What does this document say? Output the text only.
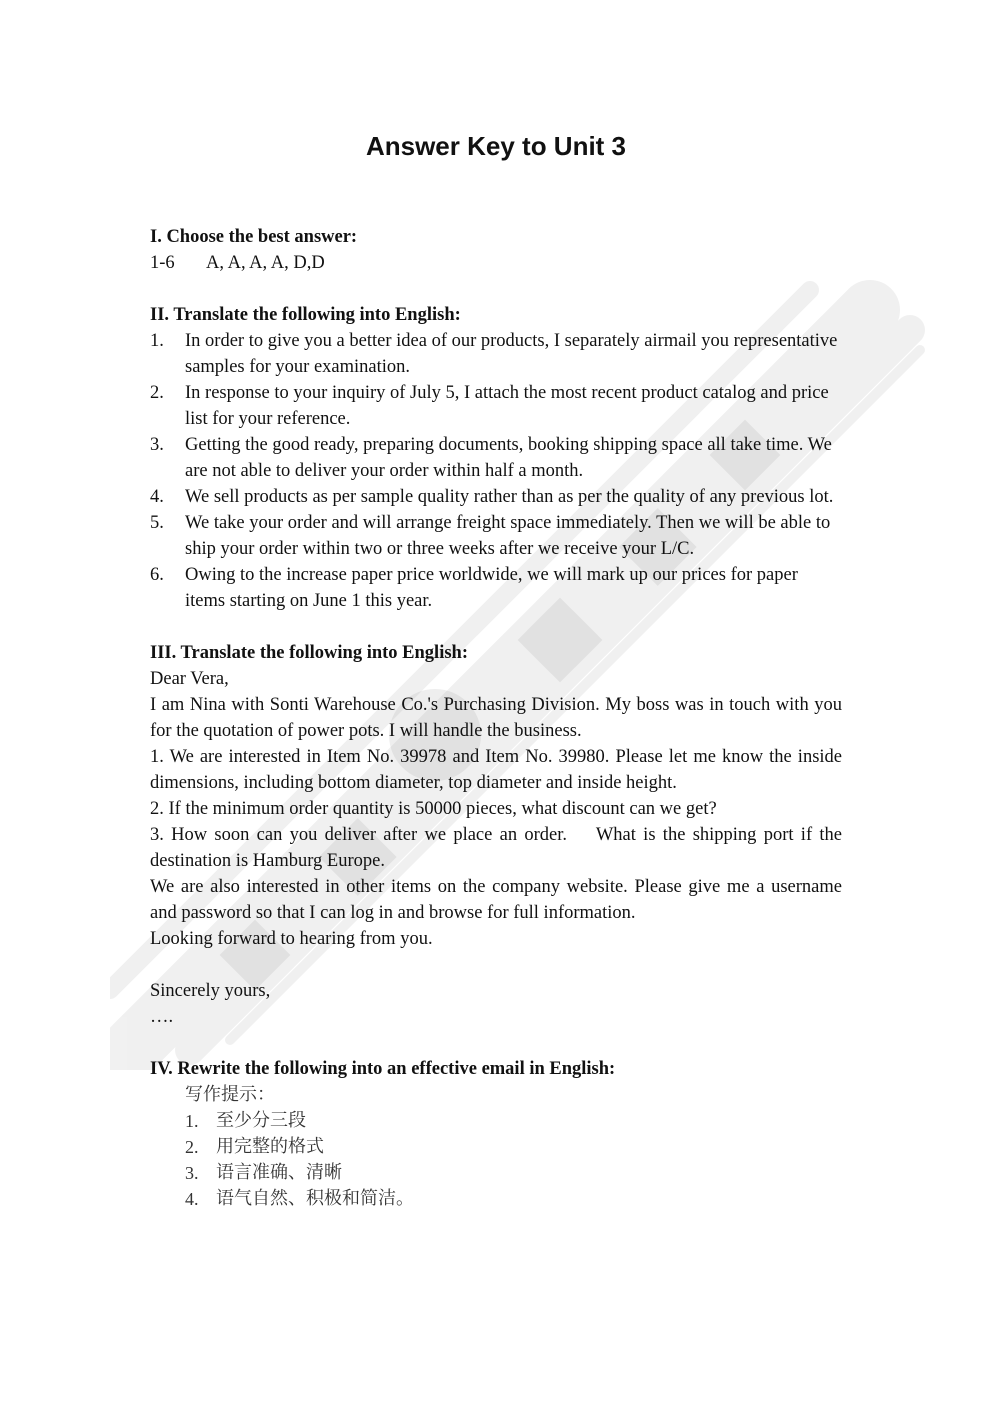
Answer Key to Unit 3

I. Choose the best answer:

1-6	A, A, A, A, D,D

II. Translate the following into English:

1.	In order to give you a better idea of our products, I separately airmail you representative samples for your examination.
2.	In response to your inquiry of July 5, I attach the most recent product catalog and price list for your reference.
3.	Getting the good ready, preparing documents, booking shipping space all take time. We are not able to deliver your order within half a month.
4.	We sell products as per sample quality rather than as per the quality of any previous lot.
5.	We take your order and will arrange freight space immediately. Then we will be able to ship your order within two or three weeks after we receive your L/C.
6.	Owing to the increase paper price worldwide, we will mark up our prices for paper items starting on June 1 this year.

III. Translate the following into English:

Dear Vera,

I am Nina with Sonti Warehouse Co.'s Purchasing Division. My boss was in touch with you for the quotation of power pots. I will handle the business.

1. We are interested in Item No. 39978 and Item No. 39980. Please let me know the inside dimensions, including bottom diameter, top diameter and inside height.

2. If the minimum order quantity is 50000 pieces, what discount can we get?

3. How soon can you deliver after we place an order.    What is the shipping port if the destination is Hamburg Europe.

We are also interested in other items on the company website. Please give me a username and password so that I can log in and browse for full information.

Looking forward to hearing from you.

Sincerely yours,

….

IV. Rewrite the following into an effective email in English:

写作提示：

1. 至少分三段
2. 用完整的格式
3. 语言准确、清晰
4. 语气自然、积极和简洁。
